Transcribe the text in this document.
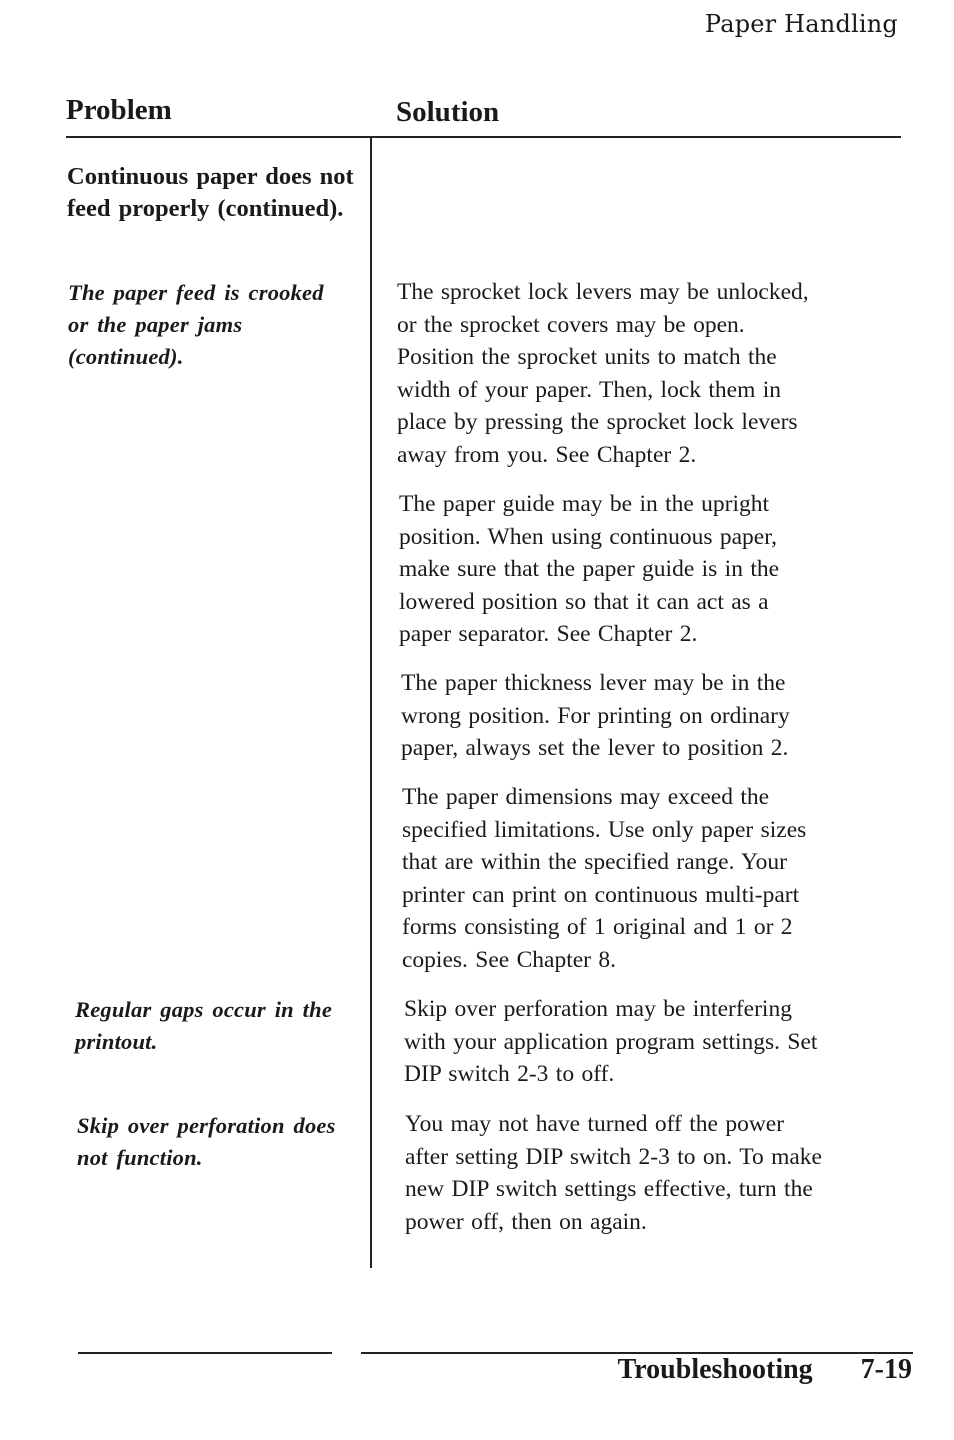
Paper Handling
Problem	Solution
Continuous paper does not feed properly (continued).
The paper feed is crooked or the paper jams (continued).
Regular gaps occur in the printout.
Skip over perforation does not function.
The sprocket lock levers may be unlocked,
or the sprocket covers may be open.
Position the sprocket units to match the
width of your paper. Then, lock them in
place by pressing the sprocket lock levers
away from you. See Chapter 2.
The paper guide may be in the upright
position. When using continuous paper,
make sure that the paper guide is in the
lowered position so that it can act as a
paper separator. See Chapter 2.
The paper thickness lever may be in the
wrong position. For printing on ordinary
paper, always set the lever to position 2.
The paper dimensions may exceed the
specified limitations. Use only paper sizes
that are within the specified range. Your
printer can print on continuous multi-part
forms consisting of 1 original and 1 or 2
copies. See Chapter 8.
Skip over perforation may be interfering
with your application program settings. Set
DIP switch 2-3 to off.
You may not have turned off the power
after setting DIP switch 2-3 to on. To make
new DIP switch settings effective, turn the
power off, then on again.
Troubleshooting 7-19
